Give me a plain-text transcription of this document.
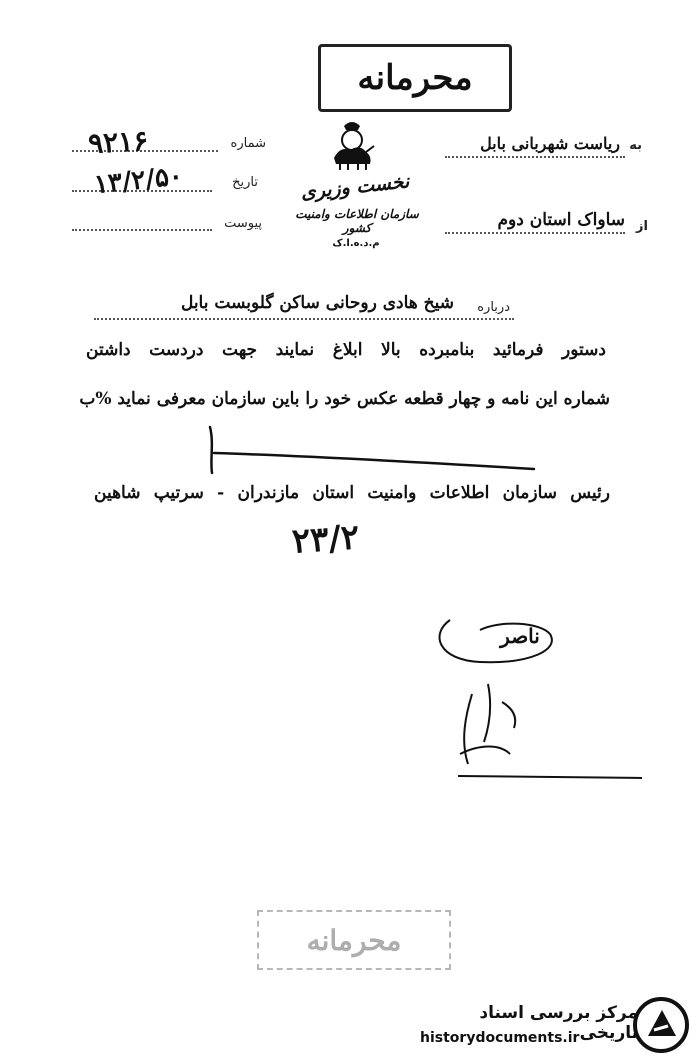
محرمانه
نخست وزیری
سازمان اطلاعات وامنیت کشور
م.د.ه.ا.ک
شماره
۹۲۱۶
تاریخ
۱۳/۲/۵۰
پیوست
به
ریاست شهربانی بابل
از
ساواک استان دوم
درباره
شیخ هادی روحانی ساکن گلوبست بابل
دستور فرمائید بنامبرده بالا ابلاغ نمایند جهت دردست داشتن
شماره این نامه و چهار قطعه عکس خود را باین سازمان معرفی نماید %ب
رئیس سازمان اطلاعات وامنیت استان مازندران - سرتیپ شاهین
۲۳/۲
ناصر
محرمانه
مرکز بررسی اسناد تاریخی
historydocuments.ir
